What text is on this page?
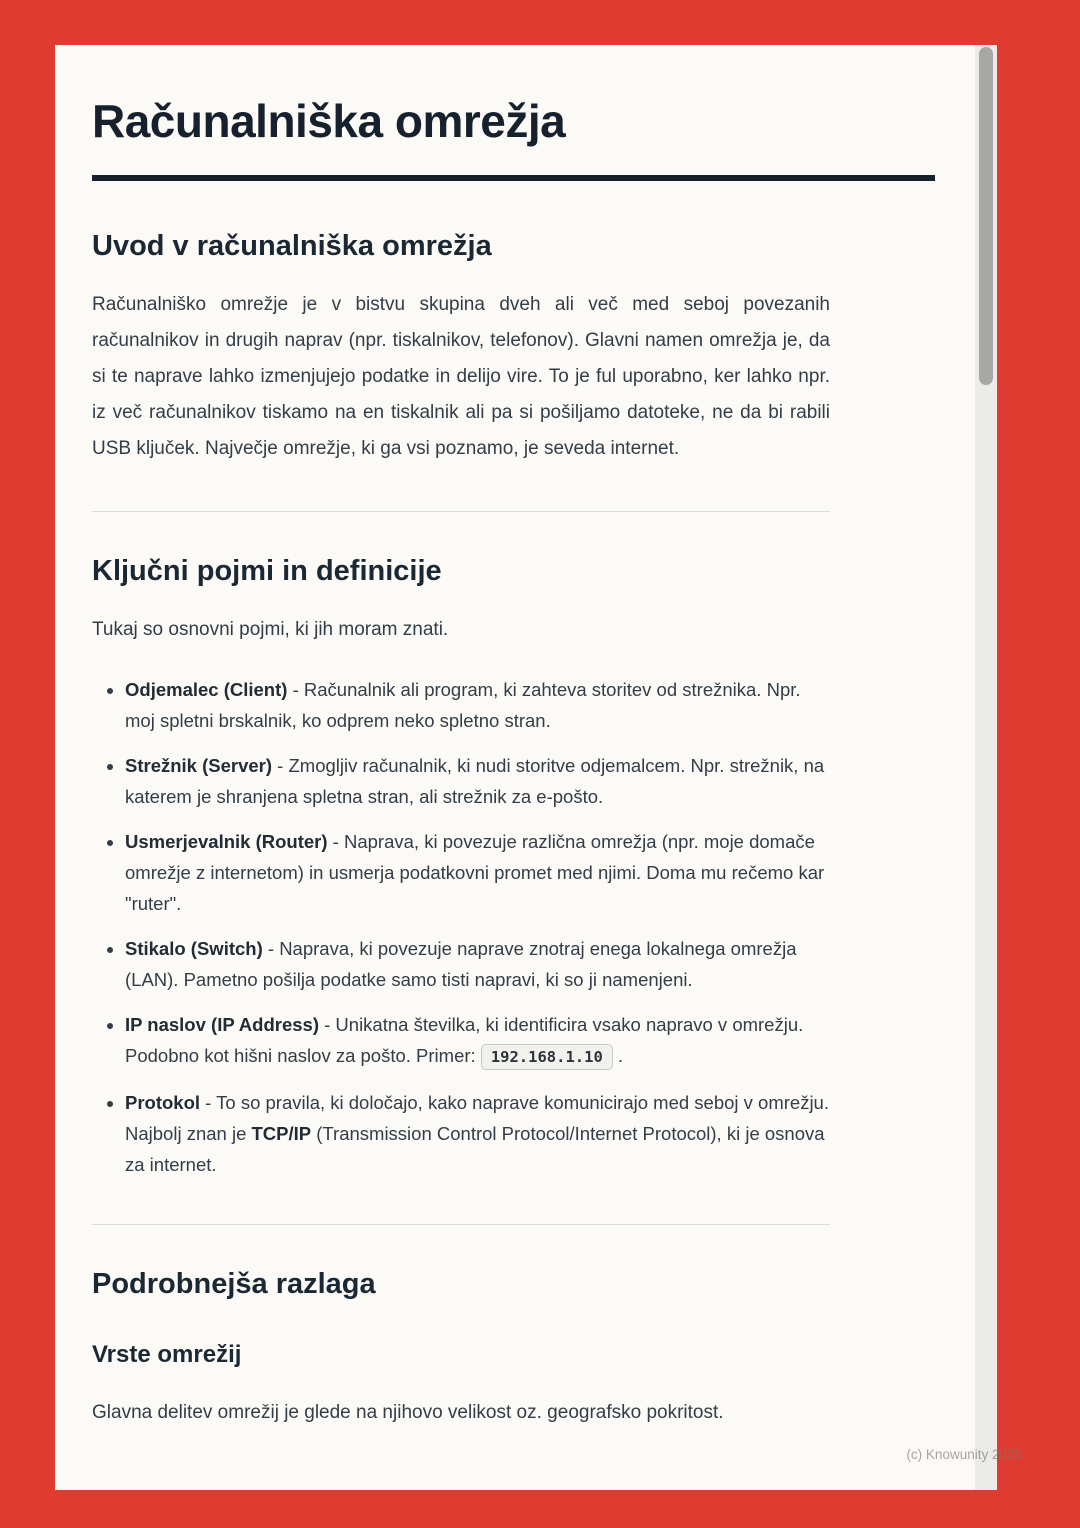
Računalniška omrežja
Uvod v računalniška omrežja

Računalniško omrežje je v bistvu skupina dveh ali več med seboj povezanih računalnikov in drugih naprav (npr. tiskalnikov, telefonov). Glavni namen omrežja je, da si te naprave lahko izmenjujejo podatke in delijo vire. To je ful uporabno, ker lahko npr. iz več računalnikov tiskamo na en tiskalnik ali pa si pošiljamo datoteke, ne da bi rabili USB ključek. Največje omrežje, ki ga vsi poznamo, je seveda internet.

Ključni pojmi in definicije

Tukaj so osnovni pojmi, ki jih moram znati.

• Odjemalec (Client) - Računalnik ali program, ki zahteva storitev od strežnika. Npr. moj spletni brskalnik, ko odprem neko spletno stran.
• Strežnik (Server) - Zmogljiv računalnik, ki nudi storitve odjemalcem. Npr. strežnik, na katerem je shranjena spletna stran, ali strežnik za e-pošto.
• Usmerjevalnik (Router) - Naprava, ki povezuje različna omrežja (npr. moje domače omrežje z internetom) in usmerja podatkovni promet med njimi. Doma mu rečemo kar "ruter".
• Stikalo (Switch) - Naprava, ki povezuje naprave znotraj enega lokalnega omrežja (LAN). Pametno pošilja podatke samo tisti napravi, ki so ji namenjeni.
• IP naslov (IP Address) - Unikatna številka, ki identificira vsako napravo v omrežju. Podobno kot hišni naslov za pošto. Primer: 192.168.1.10 .
• Protokol - To so pravila, ki določajo, kako naprave komunicirajo med seboj v omrežju. Najbolj znan je TCP/IP (Transmission Control Protocol/Internet Protocol), ki je osnova za internet.
Podrobnejša razlaga
Vrste omrežij

Glavna delitev omrežij je glede na njihovo velikost oz. geografsko pokritost.

(c) Knowunity 2025
